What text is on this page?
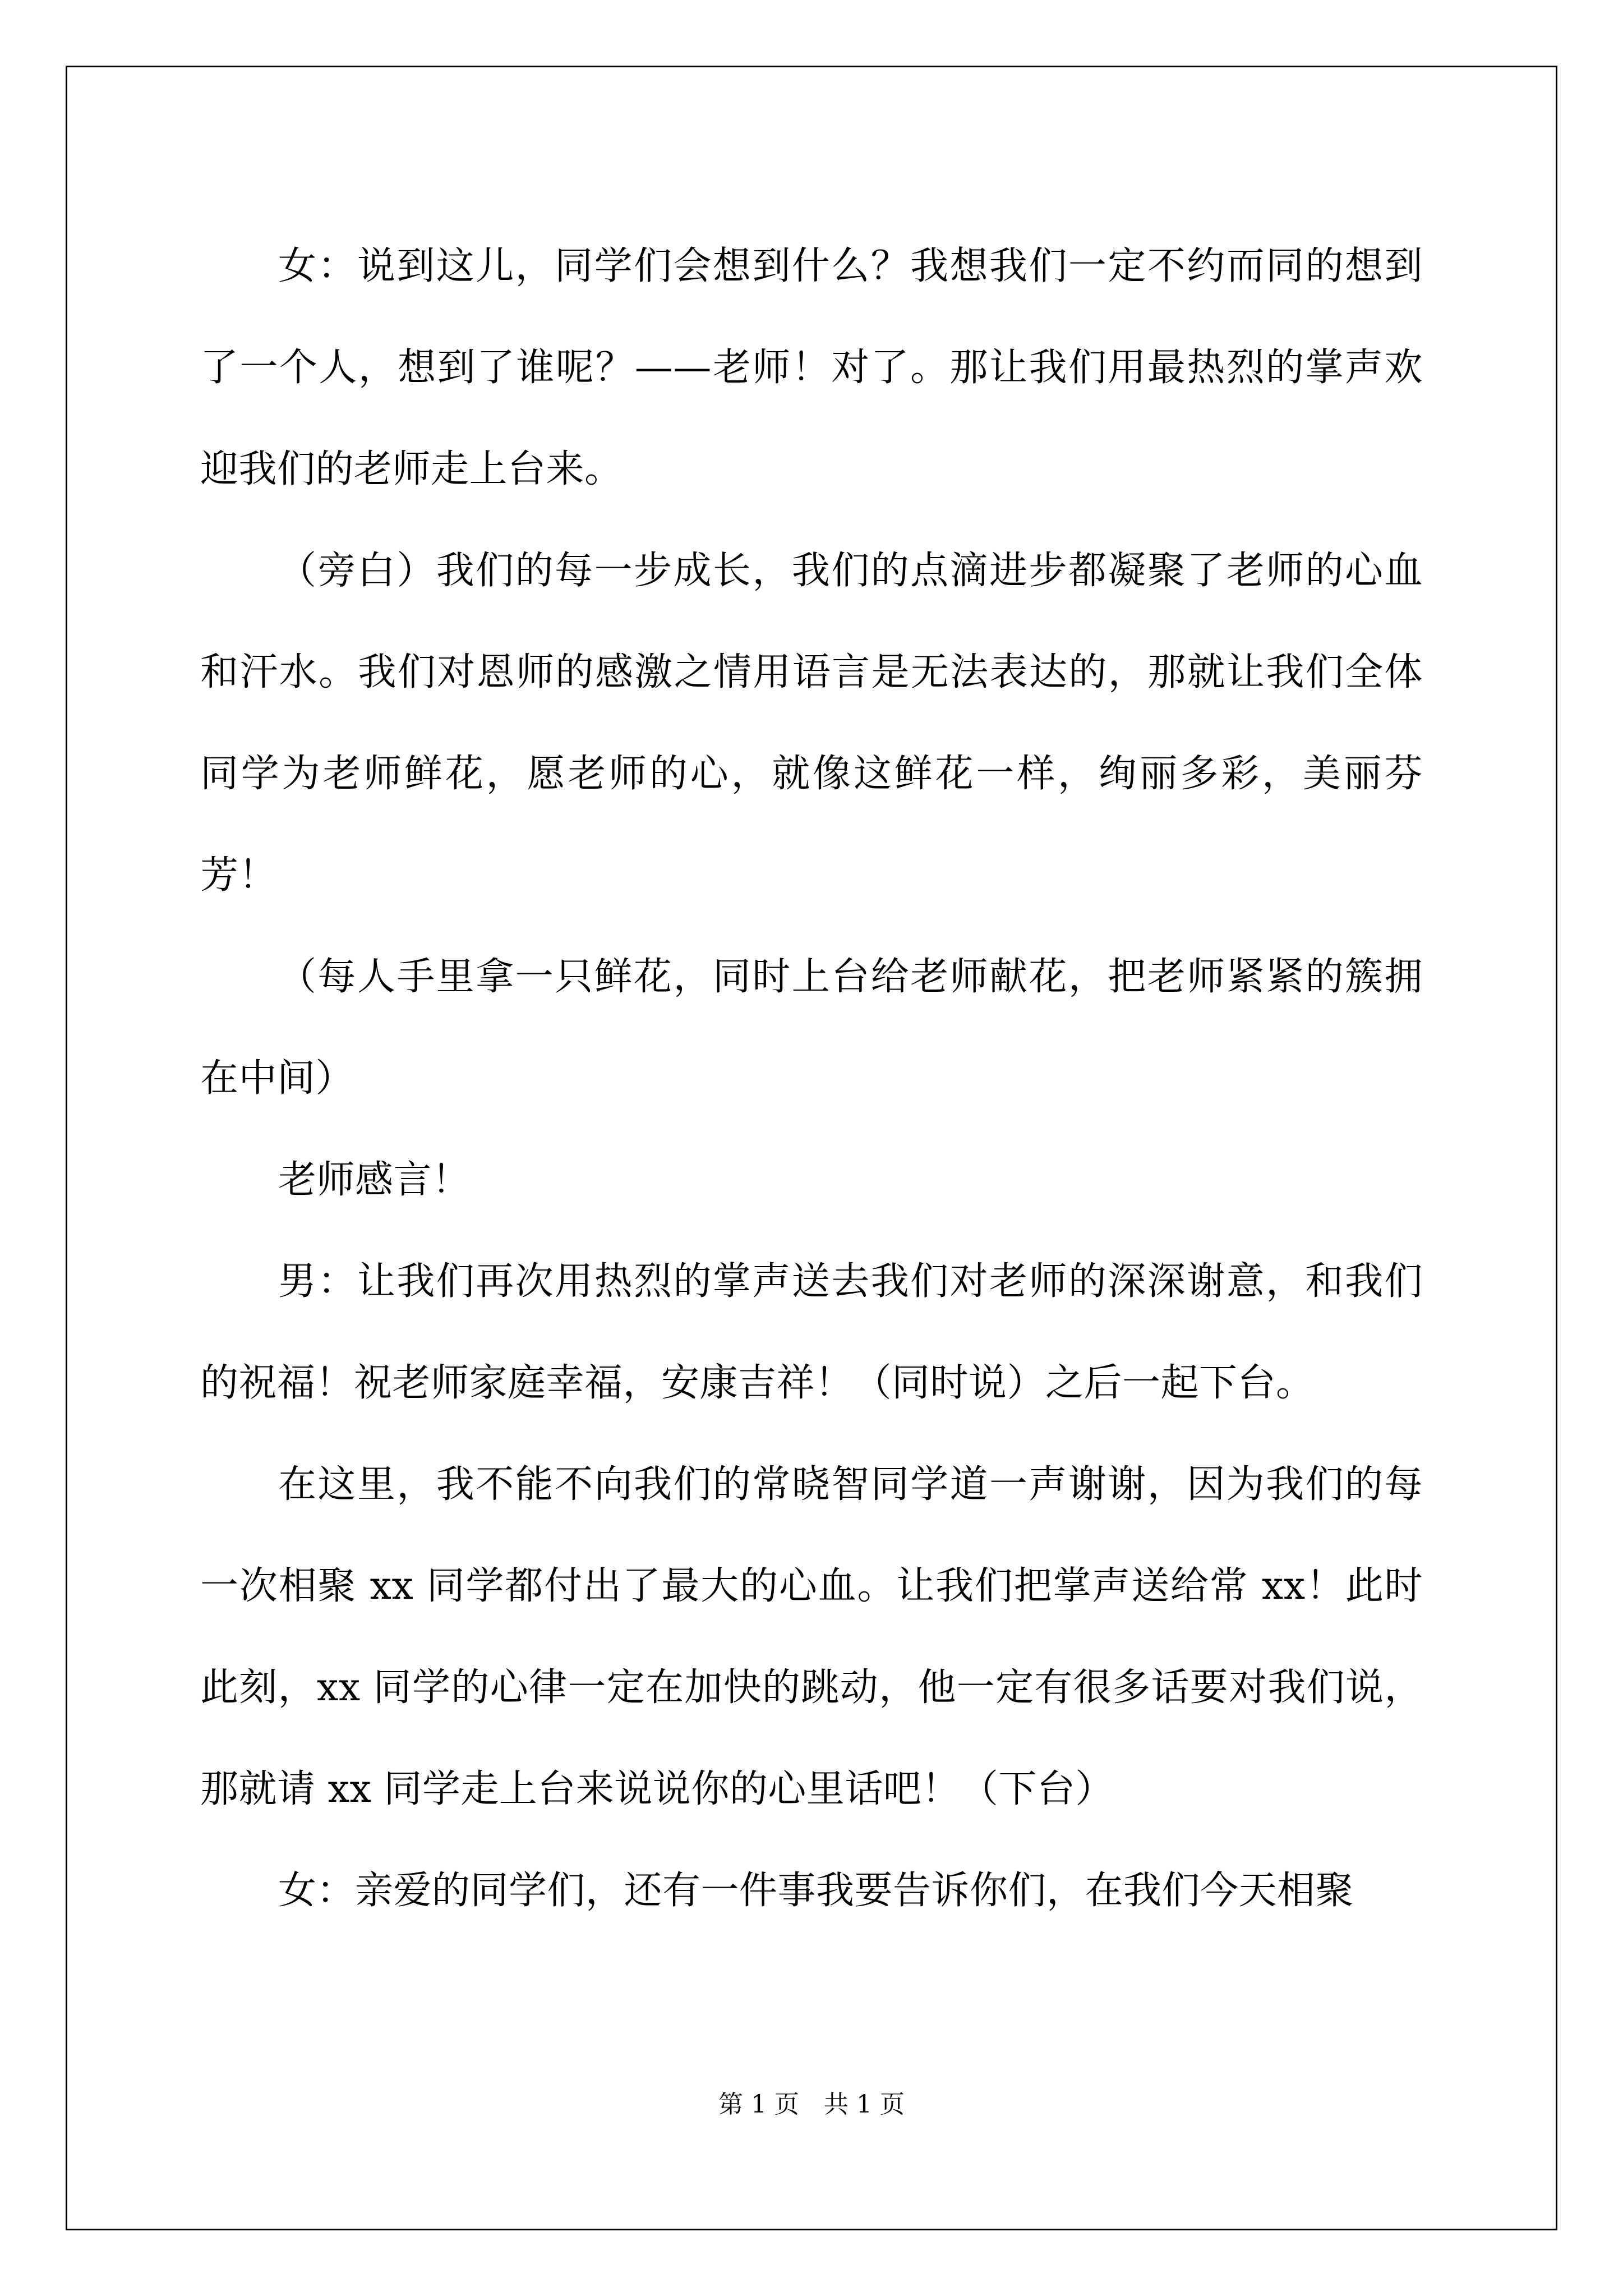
女：说到这儿，同学们会想到什么？我想我们一定不约而同的想到了一个人，想到了谁呢？——老师！对了。那让我们用最热烈的掌声欢迎我们的老师走上台来。

（旁白）我们的每一步成长，我们的点滴进步都凝聚了老师的心血和汗水。我们对恩师的感激之情用语言是无法表达的，那就让我们全体同学为老师鲜花，愿老师的心，就像这鲜花一样，绚丽多彩，美丽芬芳！

（每人手里拿一只鲜花，同时上台给老师献花，把老师紧紧的簇拥在中间）

老师感言！

男：让我们再次用热烈的掌声送去我们对老师的深深谢意，和我们的祝福！祝老师家庭幸福，安康吉祥！（同时说）之后一起下台。

在这里，我不能不向我们的常晓智同学道一声谢谢，因为我们的每一次相聚 xx 同学都付出了最大的心血。让我们把掌声送给常 xx！此时此刻，xx 同学的心律一定在加快的跳动，他一定有很多话要对我们说，那就请 xx 同学走上台来说说你的心里话吧！（下台）

女：亲爱的同学们，还有一件事我要告诉你们，在我们今天相聚

第 1 页　共 1 页
